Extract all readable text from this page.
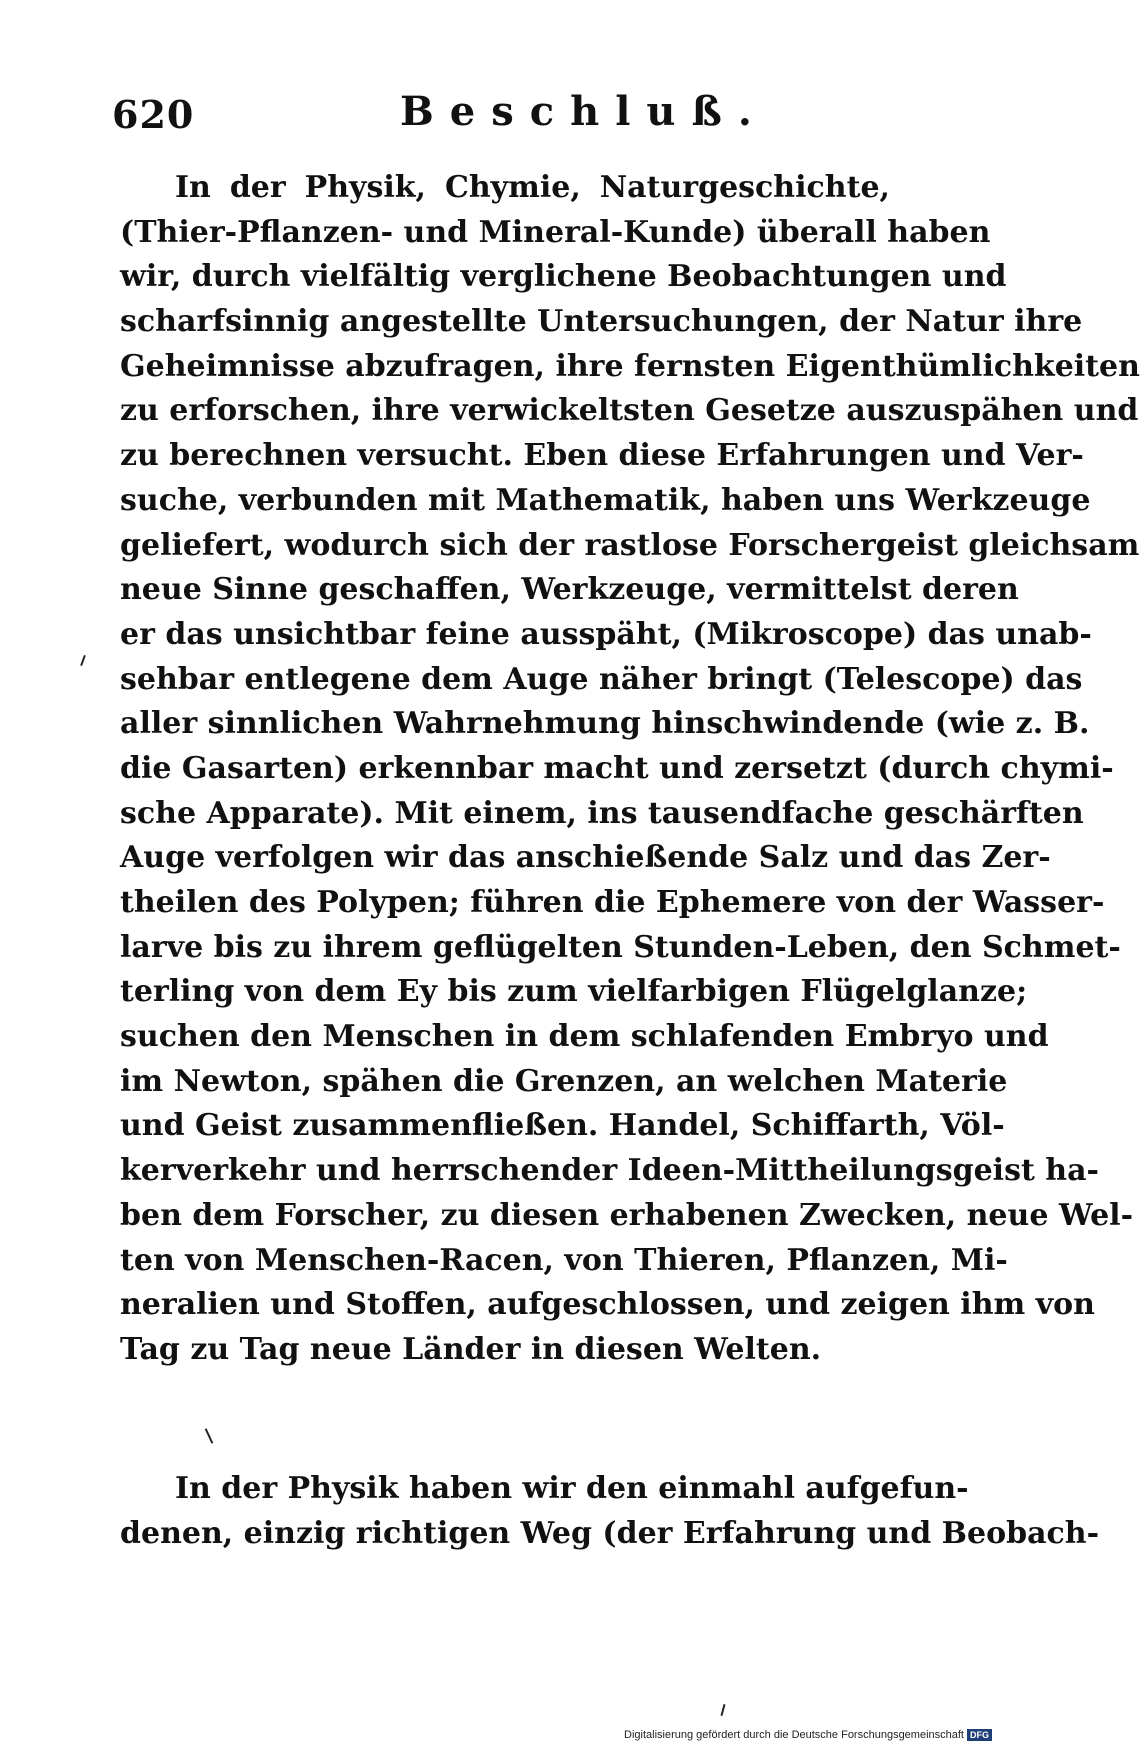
620	Beschluß.
In der Physik, Chymie, Naturgeschichte,
(Thier-Pflanzen- und Mineral-Kunde) überall haben
wir, durch vielfältig verglichene Beobachtungen und
scharfsinnig angestellte Untersuchungen, der Natur ihre
Geheimnisse abzufragen, ihre fernsten Eigenthümlichkeiten
zu erforschen, ihre verwickeltsten Gesetze auszuspähen und
zu berechnen versucht. Eben diese Erfahrungen und Ver-
suche, verbunden mit Mathematik, haben uns Werkzeuge
geliefert, wodurch sich der rastlose Forschergeist gleichsam
neue Sinne geschaffen, Werkzeuge, vermittelst deren
er das unsichtbar feine ausspäht, (Mikroscope) das unab-
sehbar entlegene dem Auge näher bringt (Telescope) das
aller sinnlichen Wahrnehmung hinschwindende (wie z. B.
die Gasarten) erkennbar macht und zersetzt (durch chymi-
sche Apparate). Mit einem, ins tausendfache geschärften
Auge verfolgen wir das anschießende Salz und das Zer-
theilen des Polypen; führen die Ephemere von der Wasser-
larve bis zu ihrem geflügelten Stunden-Leben, den Schmet-
terling von dem Ey bis zum vielfarbigen Flügelglanze;
suchen den Menschen in dem schlafenden Embryo und
im Newton, spähen die Grenzen, an welchen Materie
und Geist zusammenfließen. Handel, Schiffarth, Völ-
kerverkehr und herrschender Ideen-Mittheilungsgeist ha-
ben dem Forscher, zu diesen erhabenen Zwecken, neue Wel-
ten von Menschen-Racen, von Thieren, Pflanzen, Mi-
neralien und Stoffen, aufgeschlossen, und zeigen ihm von
Tag zu Tag neue Länder in diesen Welten.
In der Physik haben wir den einmahl aufgefun-
denen, einzig richtigen Weg (der Erfahrung und Beobach-
Digitalisierung gefördert durch die Deutsche Forschungsgemeinschaft DFG
